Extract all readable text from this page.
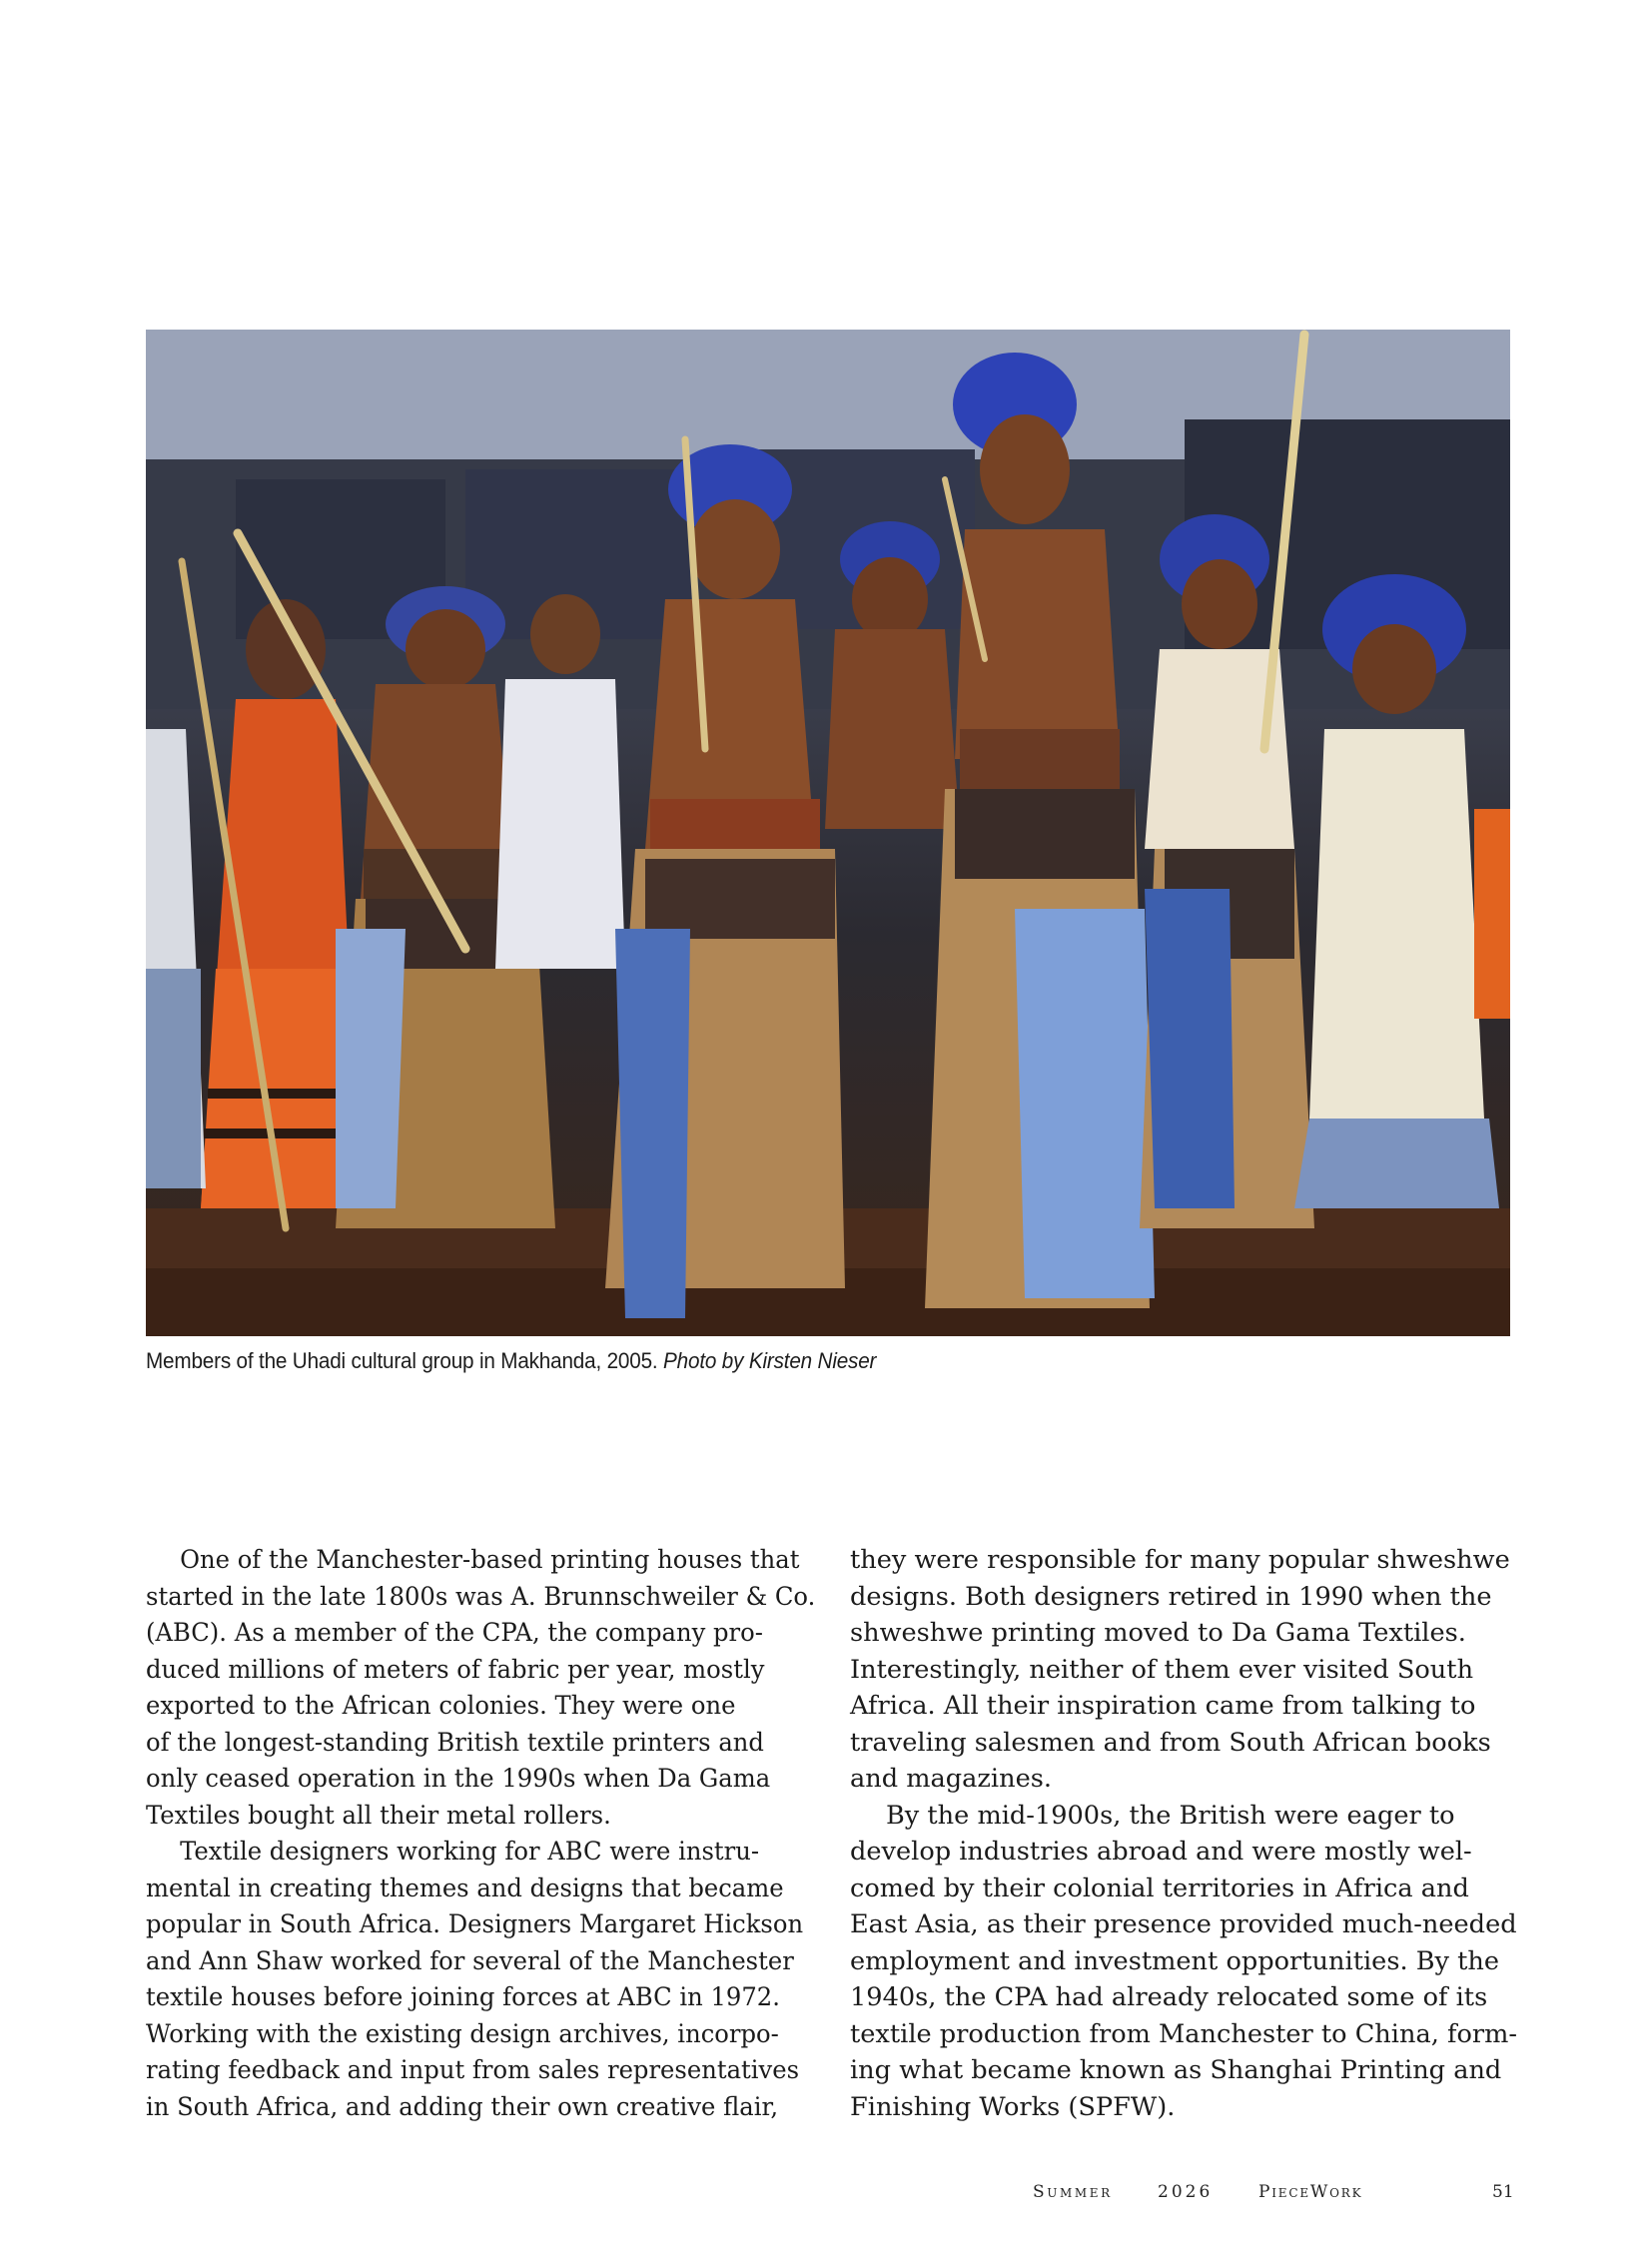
Members of the Uhadi cultural group in Makhanda, 2005. Photo by Kirsten Nieser
One of the Manchester-based printing houses that
started in the late 1800s was A. Brunnschweiler & Co.
(ABC). As a member of the CPA, the company pro-
duced millions of meters of fabric per year, mostly
exported to the African colonies. They were one
of the longest-standing British textile printers and
only ceased operation in the 1990s when Da Gama
Textiles bought all their metal rollers.
Textile designers working for ABC were instru-
mental in creating themes and designs that became
popular in South Africa. Designers Margaret Hickson
and Ann Shaw worked for several of the Manchester
textile houses before joining forces at ABC in 1972.
Working with the existing design archives, incorpo-
rating feedback and input from sales representatives
in South Africa, and adding their own creative flair,
they were responsible for many popular shweshwe
designs. Both designers retired in 1990 when the
shweshwe printing moved to Da Gama Textiles.
Interestingly, neither of them ever visited South
Africa. All their inspiration came from talking to
traveling salesmen and from South African books
and magazines.
By the mid-1900s, the British were eager to
develop industries abroad and were mostly wel-
comed by their colonial territories in Africa and
East Asia, as their presence provided much-needed
employment and investment opportunities. By the
1940s, the CPA had already relocated some of its
textile production from Manchester to China, form-
ing what became known as Shanghai Printing and
Finishing Works (SPFW).
Summer	2026	PieceWork	51
